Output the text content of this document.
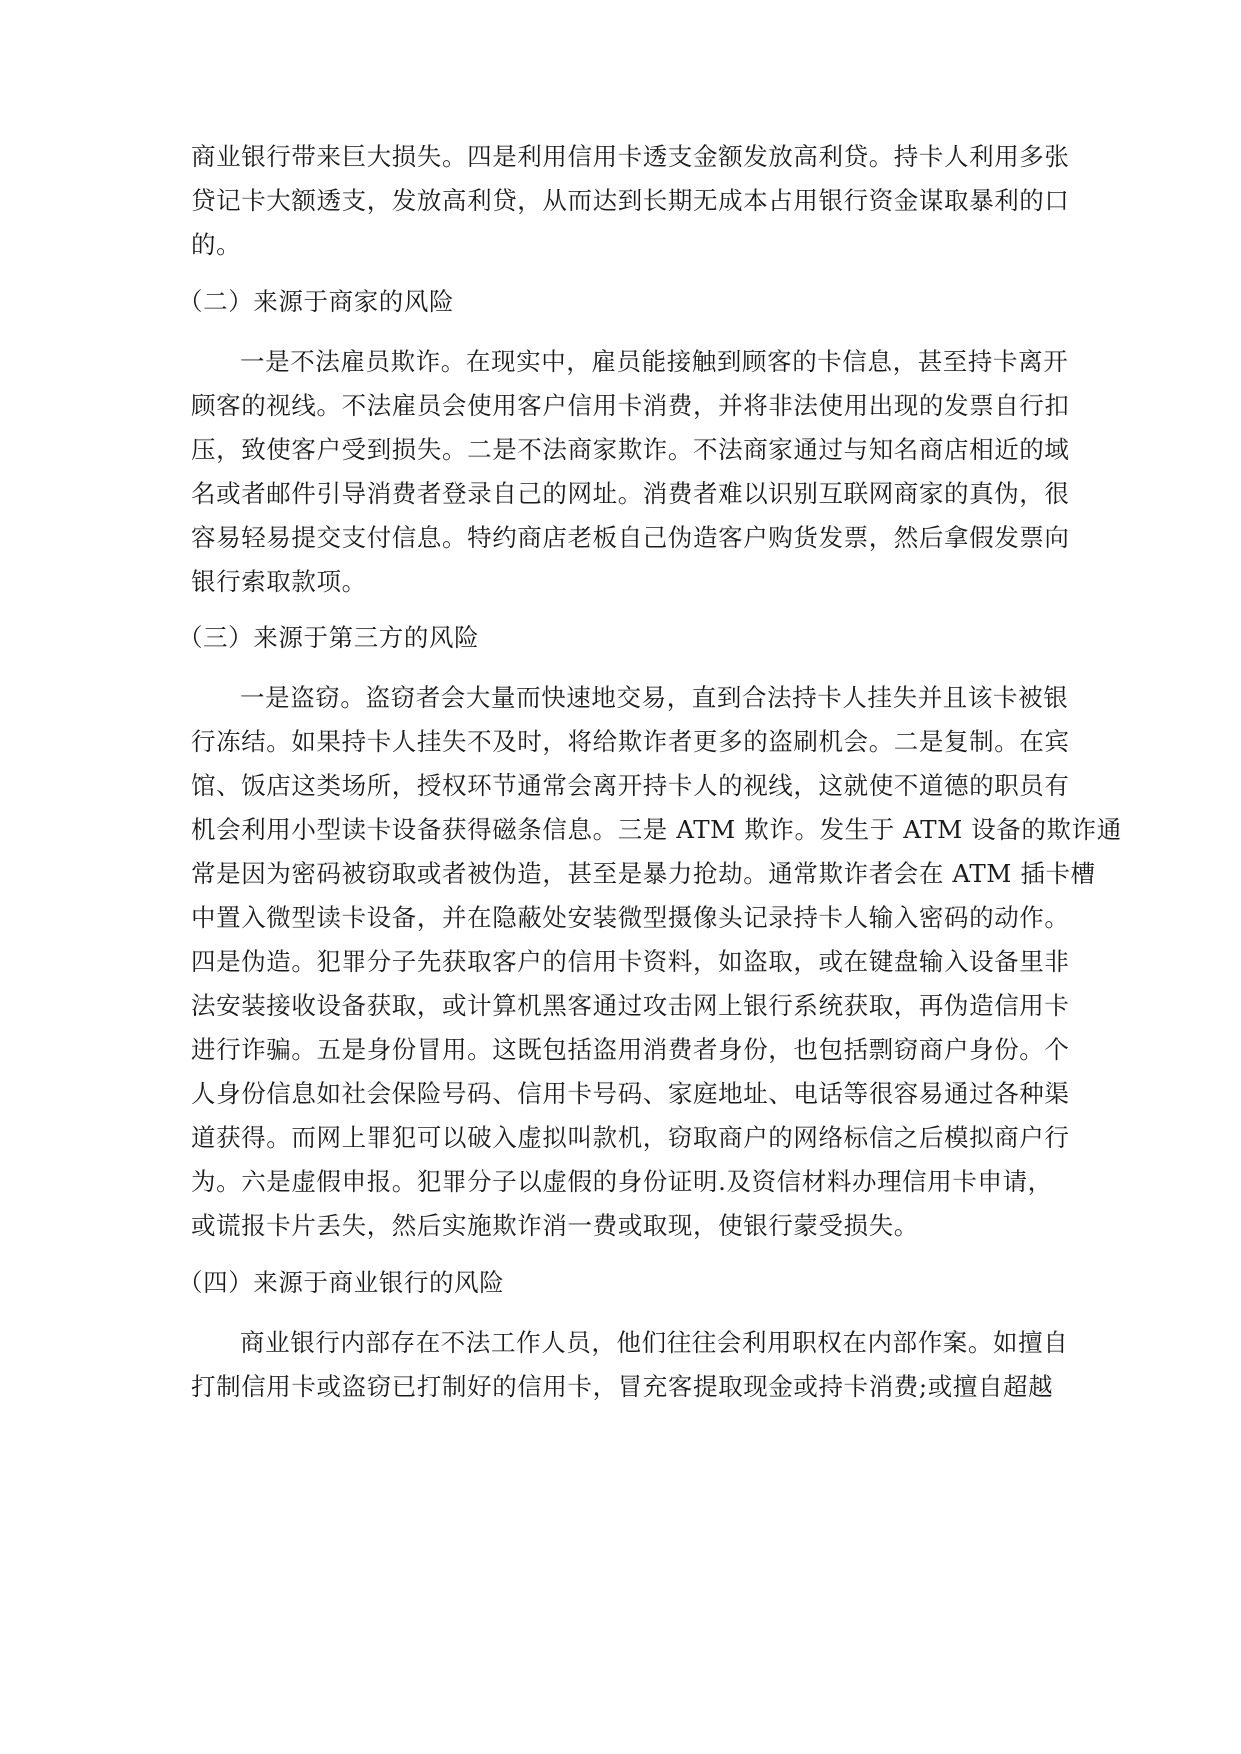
商业银行带来巨大损失。四是利用信用卡透支金额发放高利贷。持卡人利用多张
贷记卡大额透支，发放高利贷，从而达到长期无成本占用银行资金谋取暴利的口
的。
（二）来源于商家的风险
一是不法雇员欺诈。在现实中，雇员能接触到顾客的卡信息，甚至持卡离开
顾客的视线。不法雇员会使用客户信用卡消费，并将非法使用出现的发票自行扣
压，致使客户受到损失。二是不法商家欺诈。不法商家通过与知名商店相近的域
名或者邮件引导消费者登录自己的网址。消费者难以识别互联网商家的真伪，很
容易轻易提交支付信息。特约商店老板自己伪造客户购货发票，然后拿假发票向
银行索取款项。
（三）来源于第三方的风险
一是盗窃。盗窃者会大量而快速地交易，直到合法持卡人挂失并且该卡被银
行冻结。如果持卡人挂失不及时，将给欺诈者更多的盗刷机会。二是复制。在宾
馆、饭店这类场所，授权环节通常会离开持卡人的视线，这就使不道德的职员有
机会利用小型读卡设备获得磁条信息。三是 ATM 欺诈。发生于 ATM 设备的欺诈通
常是因为密码被窃取或者被伪造，甚至是暴力抢劫。通常欺诈者会在 ATM 插卡槽
中置入微型读卡设备，并在隐蔽处安装微型摄像头记录持卡人输入密码的动作。
四是伪造。犯罪分子先获取客户的信用卡资料，如盗取，或在键盘输入设备里非
法安装接收设备获取，或计算机黑客通过攻击网上银行系统获取，再伪造信用卡
进行诈骗。五是身份冒用。这既包括盗用消费者身份，也包括剽窃商户身份。个
人身份信息如社会保险号码、信用卡号码、家庭地址、电话等很容易通过各种渠
道获得。而网上罪犯可以破入虚拟叫款机，窃取商户的网络标信之后模拟商户行
为。六是虚假申报。犯罪分子以虚假的身份证明.及资信材料办理信用卡申请，
或谎报卡片丢失，然后实施欺诈消一费或取现，使银行蒙受损失。
（四）来源于商业银行的风险
商业银行内部存在不法工作人员，他们往往会利用职权在内部作案。如擅自
打制信用卡或盗窃已打制好的信用卡，冒充客提取现金或持卡消费;或擅自超越
